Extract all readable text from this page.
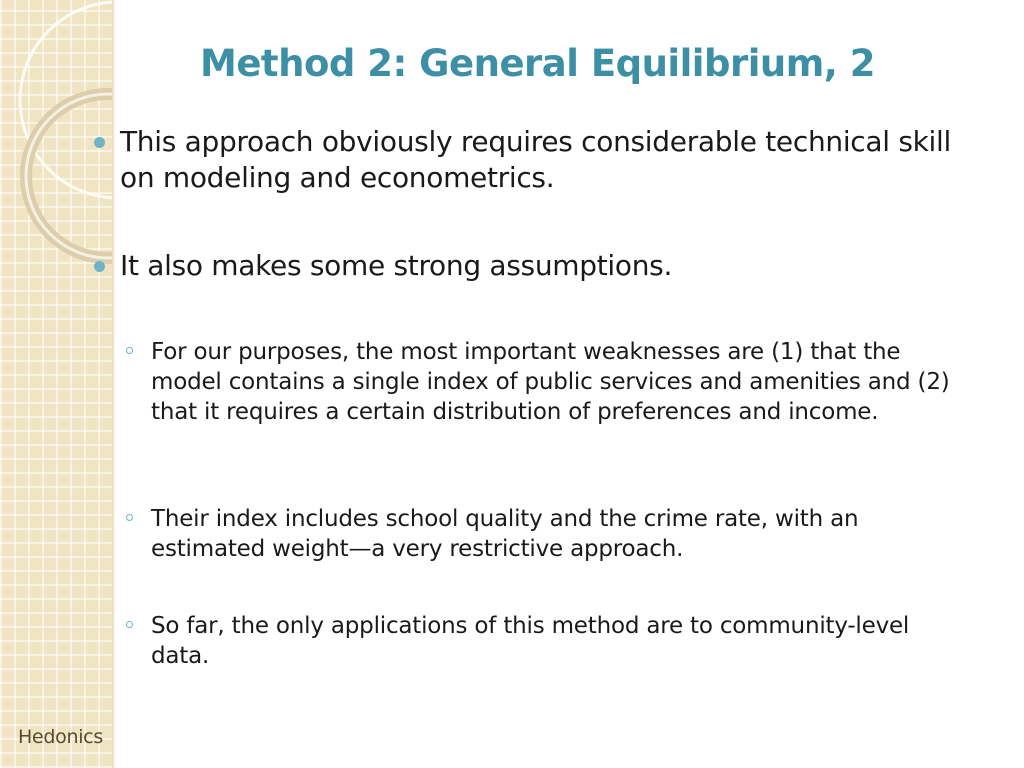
Hedonics
Method 2: General Equilibrium, 2
This approach obviously requires considerable technical skill on modeling and econometrics.
It also makes some strong assumptions.
For our purposes, the most important weaknesses are (1) that the model contains a single index of public services and amenities and (2) that it requires a certain distribution of preferences and income.
Their index includes school quality and the crime rate, with an estimated weight—a very restrictive approach.
So far, the only applications of this method are to community-level data.
